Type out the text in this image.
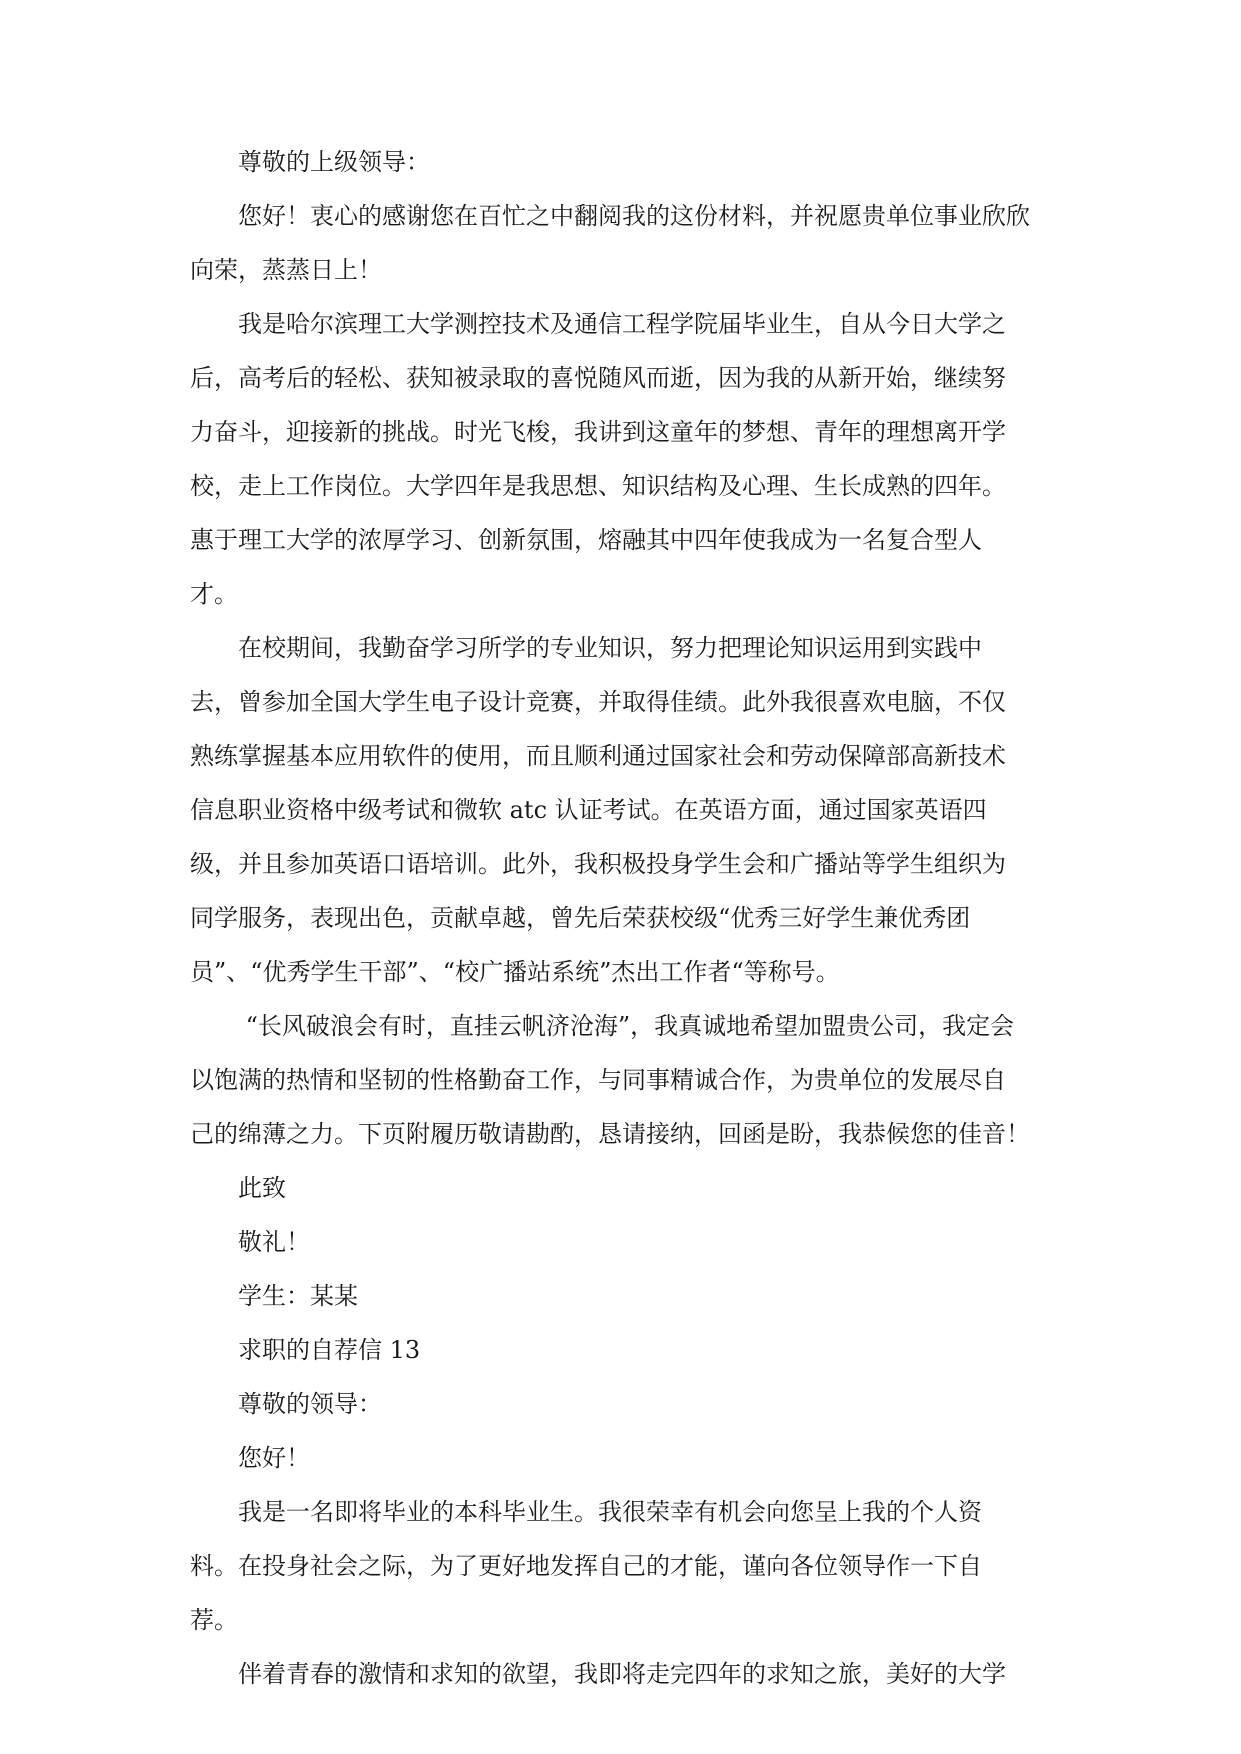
尊敬的上级领导：
您好！衷心的感谢您在百忙之中翻阅我的这份材料，并祝愿贵单位事业欣欣
向荣，蒸蒸日上！
我是哈尔滨理工大学测控技术及通信工程学院届毕业生，自从今日大学之
后，高考后的轻松、获知被录取的喜悦随风而逝，因为我的从新开始，继续努
力奋斗，迎接新的挑战。时光飞梭，我讲到这童年的梦想、青年的理想离开学
校，走上工作岗位。大学四年是我思想、知识结构及心理、生长成熟的四年。
惠于理工大学的浓厚学习、创新氛围，熔融其中四年使我成为一名复合型人
才。
在校期间，我勤奋学习所学的专业知识，努力把理论知识运用到实践中
去，曾参加全国大学生电子设计竞赛，并取得佳绩。此外我很喜欢电脑，不仅
熟练掌握基本应用软件的使用，而且顺利通过国家社会和劳动保障部高新技术
信息职业资格中级考试和微软 atc 认证考试。在英语方面，通过国家英语四
级，并且参加英语口语培训。此外，我积极投身学生会和广播站等学生组织为
同学服务，表现出色，贡献卓越，曾先后荣获校级“优秀三好学生兼优秀团
员”、“优秀学生干部”、“校广播站系统”杰出工作者“等称号。
“长风破浪会有时，直挂云帆济沧海”，我真诚地希望加盟贵公司，我定会
以饱满的热情和坚韧的性格勤奋工作，与同事精诚合作，为贵单位的发展尽自
己的绵薄之力。下页附履历敬请勘酌，恳请接纳，回函是盼，我恭候您的佳音！
此致
敬礼！
学生：某某
求职的自荐信 13
尊敬的领导：
您好！
我是一名即将毕业的本科毕业生。我很荣幸有机会向您呈上我的个人资
料。在投身社会之际，为了更好地发挥自己的才能，谨向各位领导作一下自
荐。
伴着青春的激情和求知的欲望，我即将走完四年的求知之旅，美好的大学
